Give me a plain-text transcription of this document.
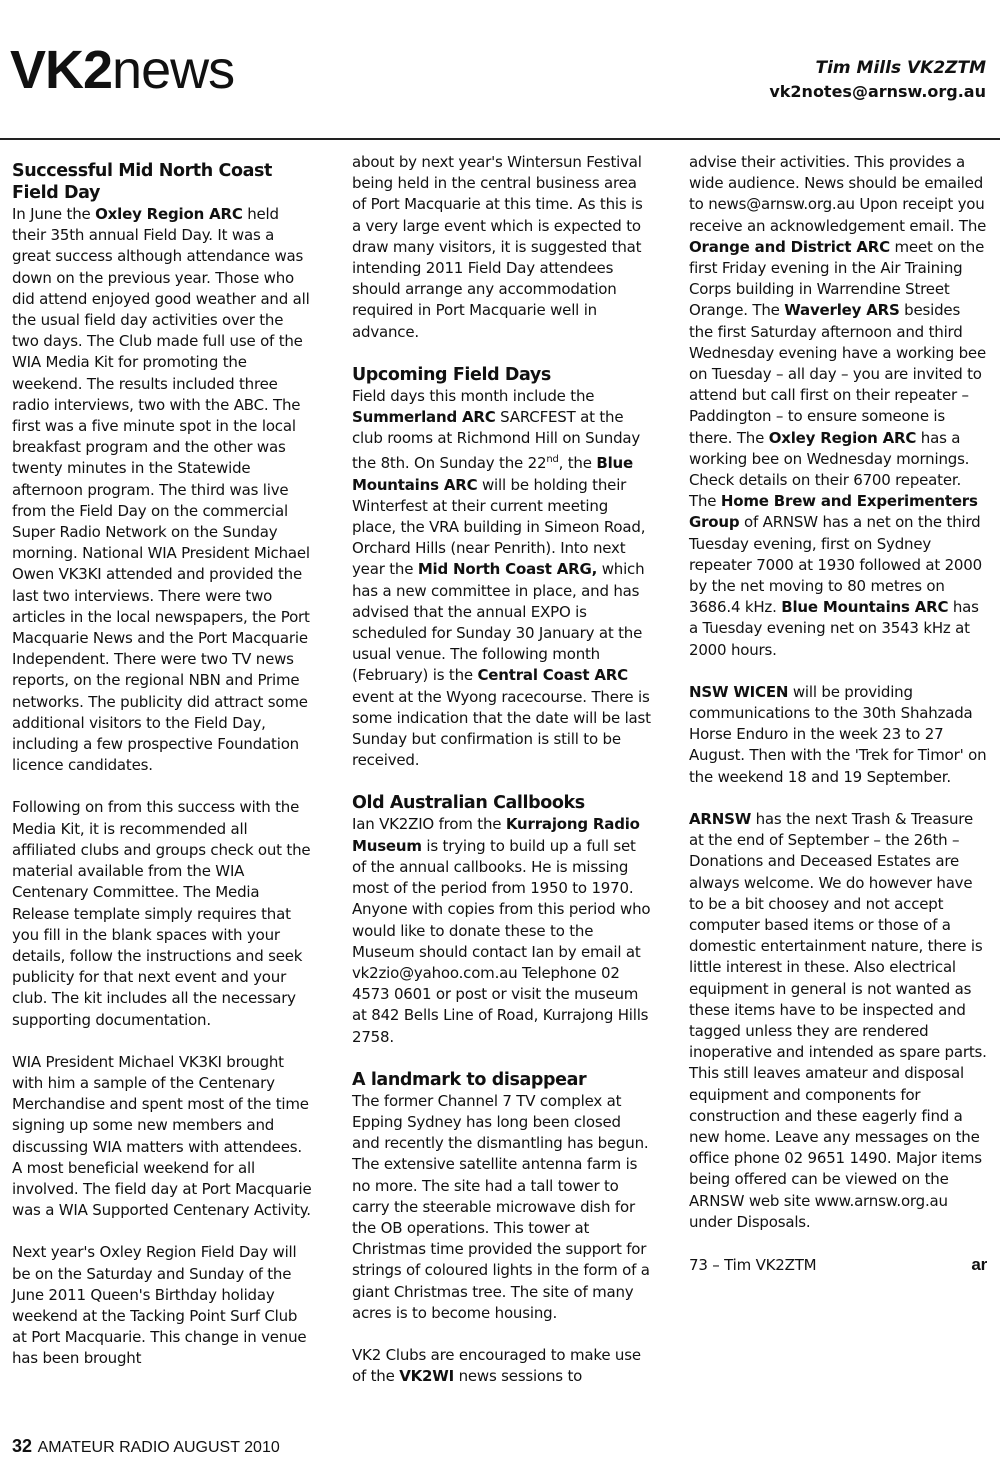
VK2news	Tim Mills VK2ZTM
vk2notes@arnsw.org.au
Successful Mid North Coast Field Day

In June the Oxley Region ARC held their 35th annual Field Day. It was a great success although attendance was down on the previous year. Those who did attend enjoyed good weather and all the usual field day activities over the two days. The Club made full use of the WIA Media Kit for promoting the weekend. The results included three radio interviews, two with the ABC. The first was a five minute spot in the local breakfast program and the other was twenty minutes in the Statewide afternoon program. The third was live from the Field Day on the commercial Super Radio Network on the Sunday morning. National WIA President Michael Owen VK3KI attended and provided the last two interviews. There were two articles in the local newspapers, the Port Macquarie News and the Port Macquarie Independent. There were two TV news reports, on the regional NBN and Prime networks. The publicity did attract some additional visitors to the Field Day, including a few prospective Foundation licence candidates.

Following on from this success with the Media Kit, it is recommended all affiliated clubs and groups check out the material available from the WIA Centenary Committee. The Media Release template simply requires that you fill in the blank spaces with your details, follow the instructions and seek publicity for that next event and your club. The kit includes all the necessary supporting documentation.

WIA President Michael VK3KI brought with him a sample of the Centenary Merchandise and spent most of the time signing up some new members and discussing WIA matters with attendees. A most beneficial weekend for all involved. The field day at Port Macquarie was a WIA Supported Centenary Activity.

Next year's Oxley Region Field Day will be on the Saturday and Sunday of the June 2011 Queen's Birthday holiday weekend at the Tacking Point Surf Club at Port Macquarie. This change in venue has been brought

about by next year's Wintersun Festival being held in the central business area of Port Macquarie at this time. As this is a very large event which is expected to draw many visitors, it is suggested that intending 2011 Field Day attendees should arrange any accommodation required in Port Macquarie well in advance.

Upcoming Field Days

Field days this month include the Summerland ARC SARCFEST at the club rooms at Richmond Hill on Sunday the 8th. On Sunday the 22nd, the Blue Mountains ARC will be holding their Winterfest at their current meeting place, the VRA building in Simeon Road, Orchard Hills (near Penrith). Into next year the Mid North Coast ARG, which has a new committee in place, and has advised that the annual EXPO is scheduled for Sunday 30 January at the usual venue. The following month (February) is the Central Coast ARC event at the Wyong racecourse. There is some indication that the date will be last Sunday but confirmation is still to be received.

Old Australian Callbooks

Ian VK2ZIO from the Kurrajong Radio Museum is trying to build up a full set of the annual callbooks. He is missing most of the period from 1950 to 1970. Anyone with copies from this period who would like to donate these to the Museum should contact Ian by email at vk2zio@yahoo.com.au Telephone 02 4573 0601 or post or visit the museum at 842 Bells Line of Road, Kurrajong Hills 2758.

A landmark to disappear

The former Channel 7 TV complex at Epping Sydney has long been closed and recently the dismantling has begun. The extensive satellite antenna farm is no more. The site had a tall tower to carry the steerable microwave dish for the OB operations. This tower at Christmas time provided the support for strings of coloured lights in the form of a giant Christmas tree. The site of many acres is to become housing.

VK2 Clubs are encouraged to make use of the VK2WI news sessions to

advise their activities. This provides a wide audience. News should be emailed to news@arnsw.org.au Upon receipt you receive an acknowledgement email. The Orange and District ARC meet on the first Friday evening in the Air Training Corps building in Warrendine Street Orange. The Waverley ARS besides the first Saturday afternoon and third Wednesday evening have a working bee on Tuesday – all day – you are invited to attend but call first on their repeater – Paddington – to ensure someone is there. The Oxley Region ARC has a working bee on Wednesday mornings. Check details on their 6700 repeater. The Home Brew and Experimenters Group of ARNSW has a net on the third Tuesday evening, first on Sydney repeater 7000 at 1930 followed at 2000 by the net moving to 80 metres on 3686.4 kHz. Blue Mountains ARC has a Tuesday evening net on 3543 kHz at 2000 hours.

NSW WICEN will be providing communications to the 30th Shahzada Horse Enduro in the week 23 to 27 August. Then with the 'Trek for Timor' on the weekend 18 and 19 September.

ARNSW has the next Trash & Treasure at the end of September – the 26th – Donations and Deceased Estates are always welcome. We do however have to be a bit choosey and not accept computer based items or those of a domestic entertainment nature, there is little interest in these. Also electrical equipment in general is not wanted as these items have to be inspected and tagged unless they are rendered inoperative and intended as spare parts. This still leaves amateur and disposal equipment and components for construction and these eagerly find a new home. Leave any messages on the office phone 02 9651 1490. Major items being offered can be viewed on the ARNSW web site www.arnsw.org.au under Disposals.

73 – Tim VK2ZTM	ar
32 AMATEUR RADIO AUGUST 2010
